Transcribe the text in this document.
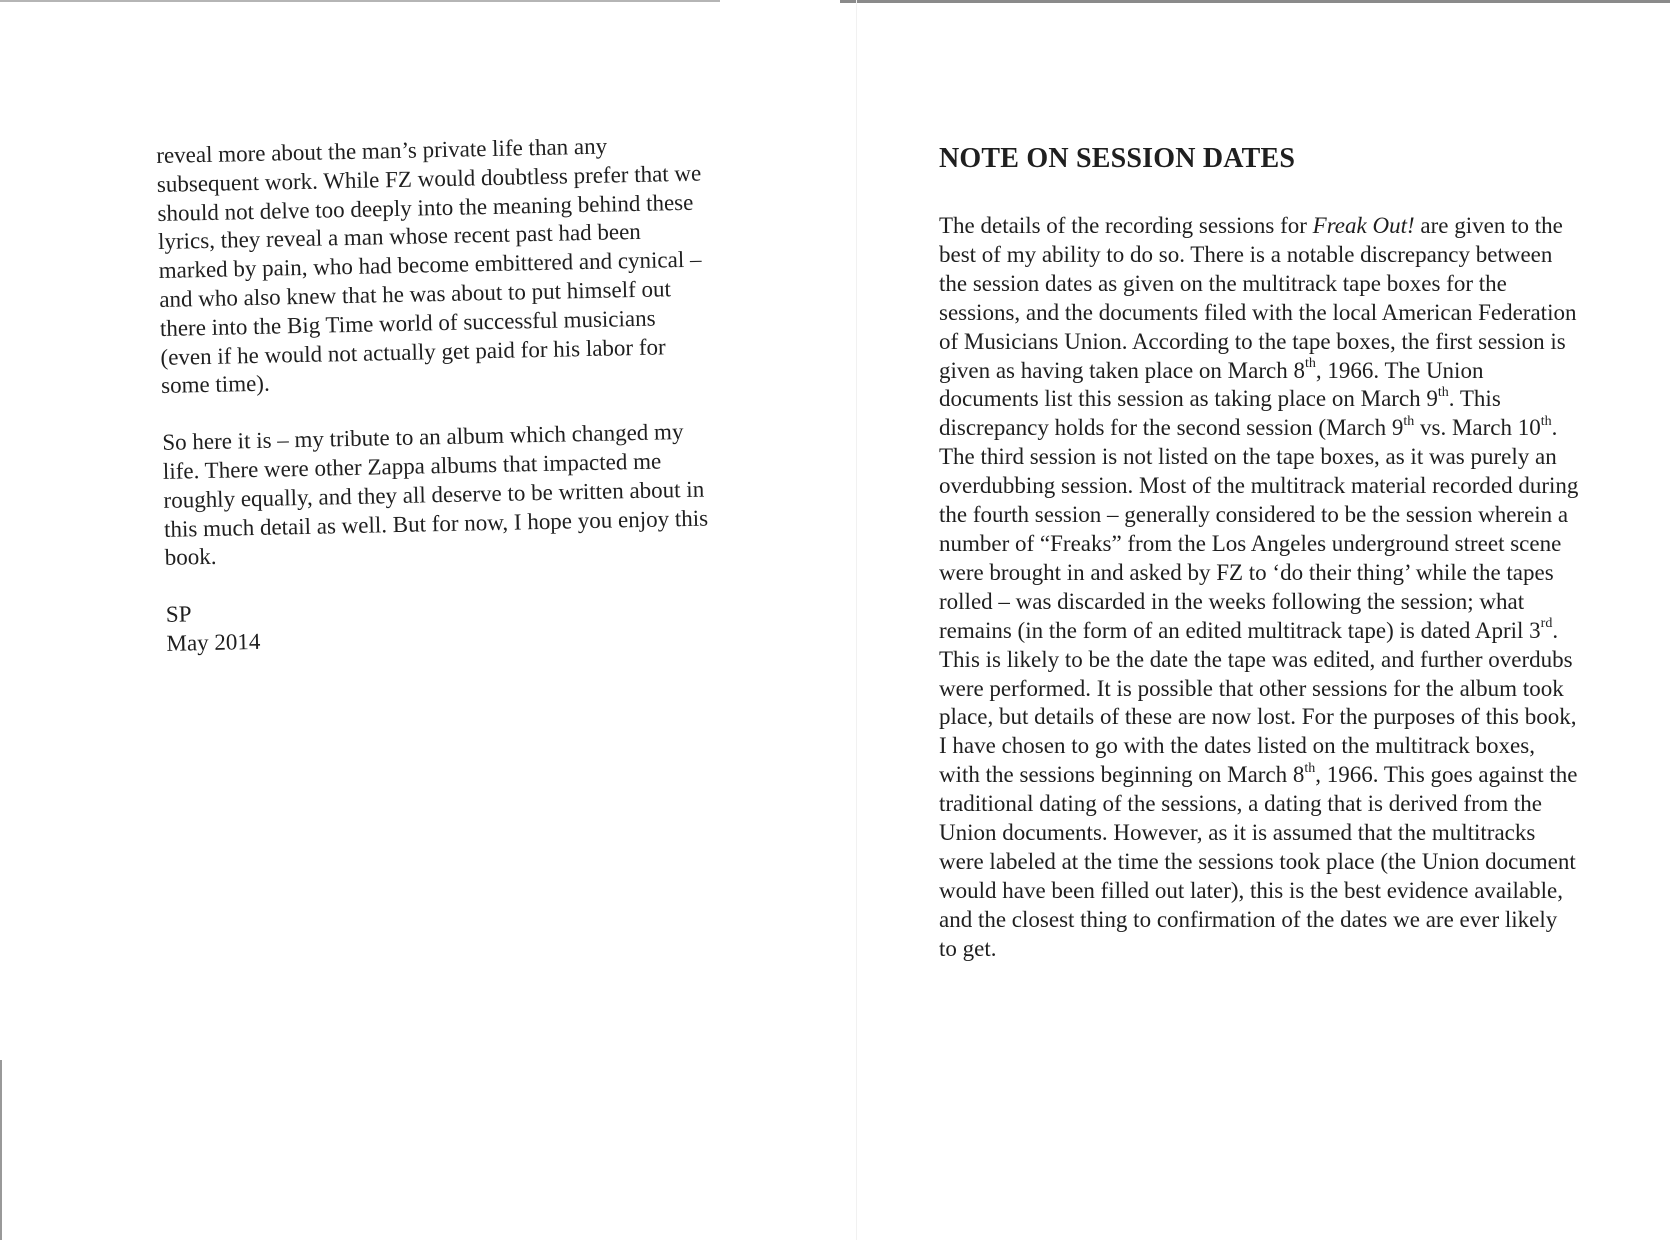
reveal more about the man’s private life than any
subsequent work. While FZ would doubtless prefer that we
should not delve too deeply into the meaning behind these
lyrics, they reveal a man whose recent past had been
marked by pain, who had become embittered and cynical –
and who also knew that he was about to put himself out
there into the Big Time world of successful musicians
(even if he would not actually get paid for his labor for
some time).

So here it is – my tribute to an album which changed my
life. There were other Zappa albums that impacted me
roughly equally, and they all deserve to be written about in
this much detail as well. But for now, I hope you enjoy this
book.

SP
May 2014
NOTE ON SESSION DATES

The details of the recording sessions for Freak Out! are given to the best of my ability to do so. There is a notable discrepancy between the session dates as given on the multitrack tape boxes for the sessions, and the documents filed with the local American Federation of Musicians Union. According to the tape boxes, the first session is given as having taken place on March 8th, 1966. The Union documents list this session as taking place on March 9th. This discrepancy holds for the second session (March 9th vs. March 10th. The third session is not listed on the tape boxes, as it was purely an overdubbing session. Most of the multitrack material recorded during the fourth session – generally considered to be the session wherein a number of “Freaks” from the Los Angeles underground street scene were brought in and asked by FZ to ‘do their thing’ while the tapes rolled – was discarded in the weeks following the session; what remains (in the form of an edited multitrack tape) is dated April 3rd. This is likely to be the date the tape was edited, and further overdubs were performed. It is possible that other sessions for the album took place, but details of these are now lost. For the purposes of this book, I have chosen to go with the dates listed on the multitrack boxes, with the sessions beginning on March 8th, 1966. This goes against the traditional dating of the sessions, a dating that is derived from the Union documents. However, as it is assumed that the multitracks were labeled at the time the sessions took place (the Union document would have been filled out later), this is the best evidence available, and the closest thing to confirmation of the dates we are ever likely to get.
